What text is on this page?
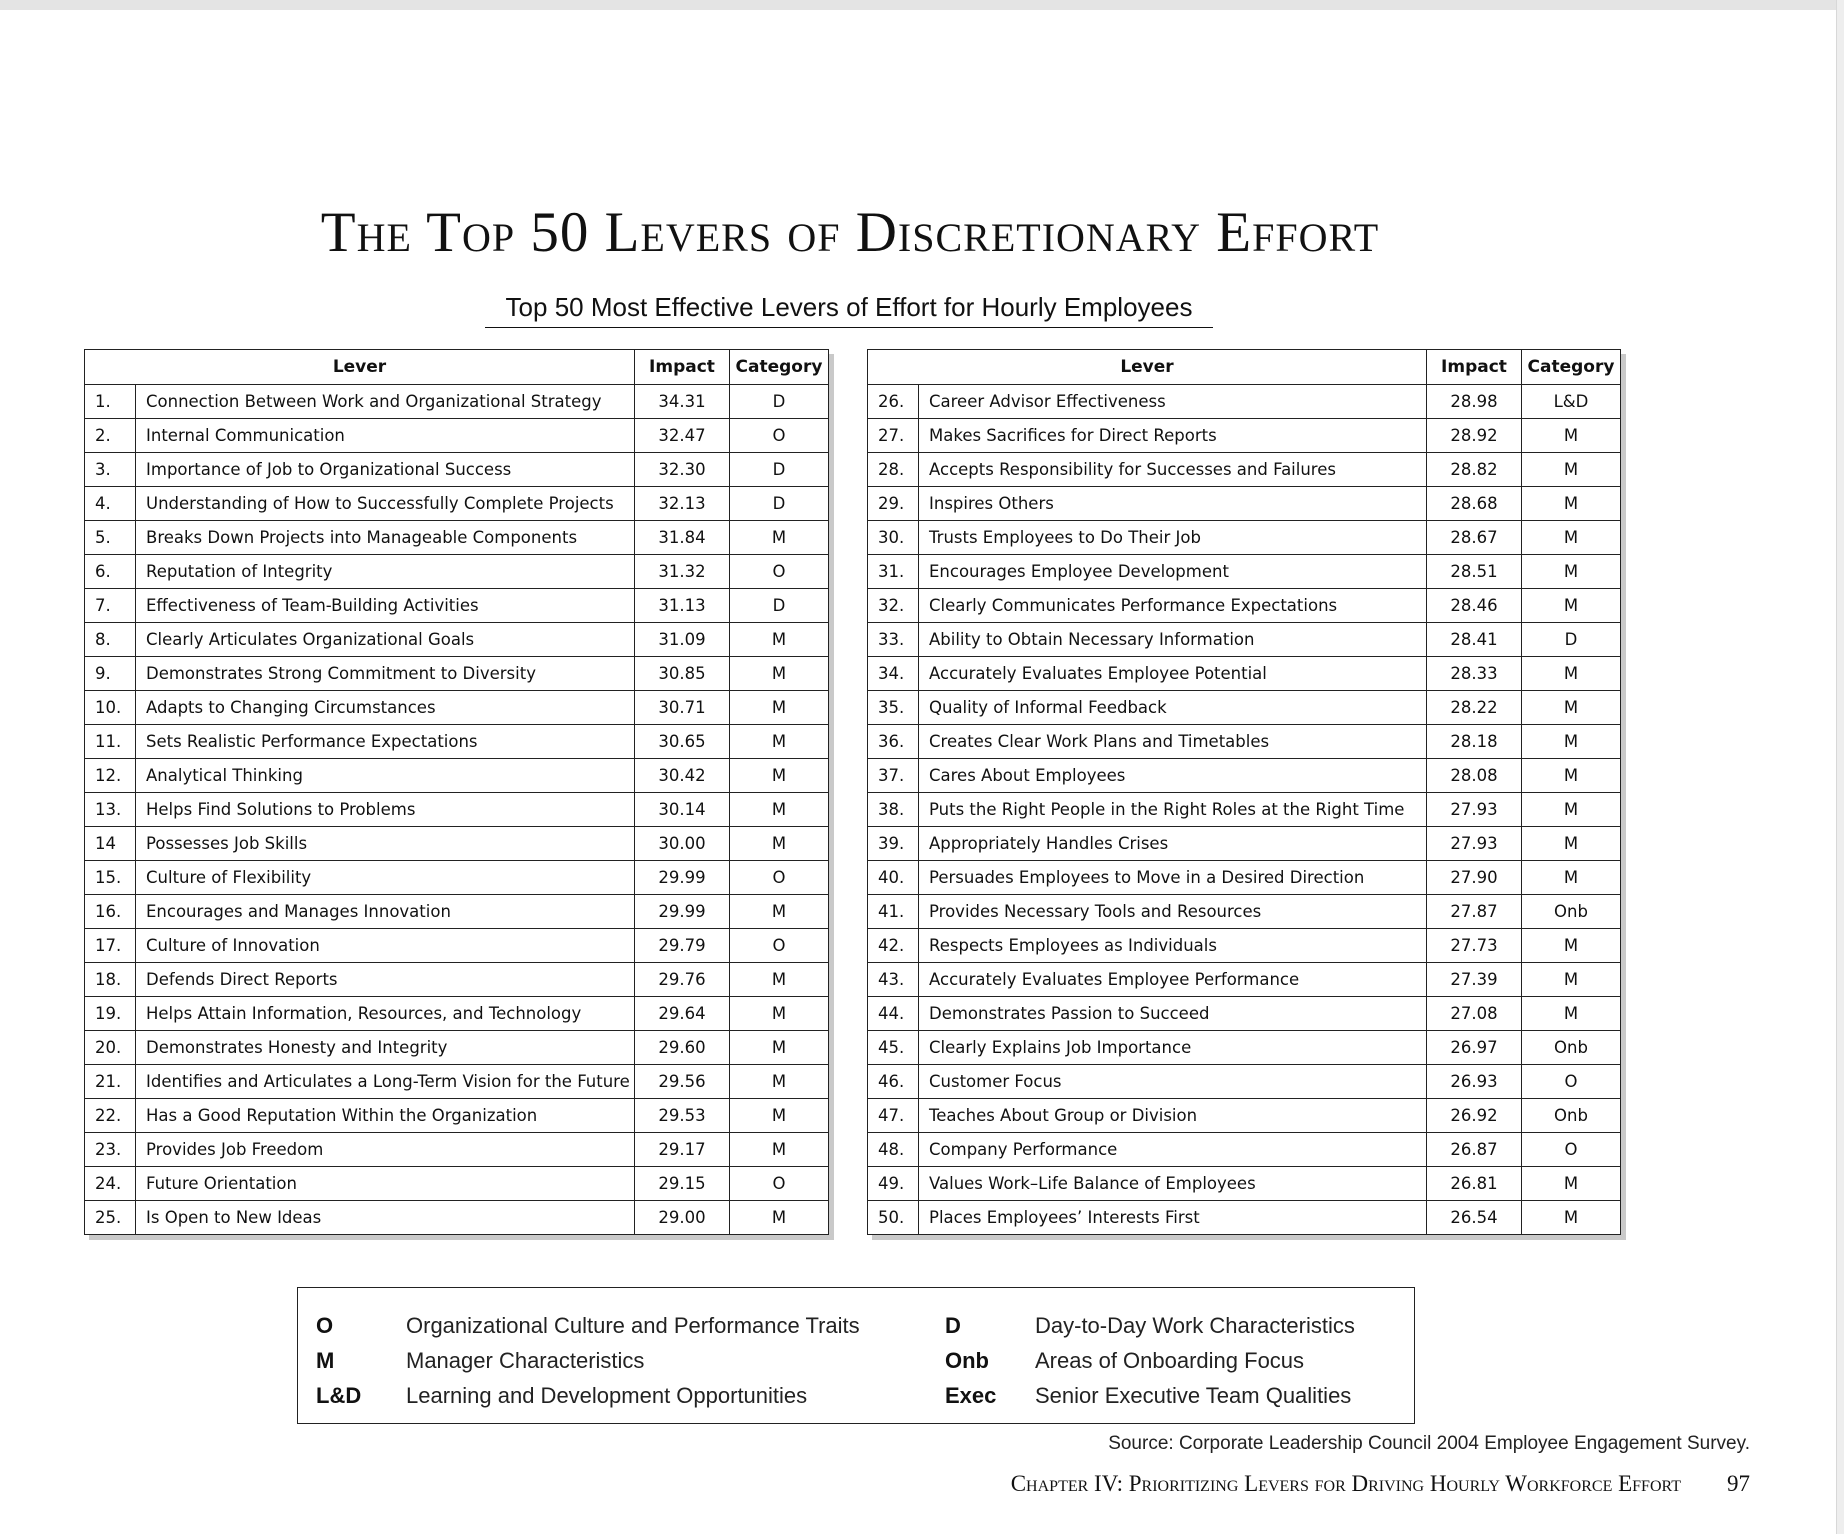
The Top 50 Levers of Discretionary Effort
Top 50 Most Effective Levers of Effort for Hourly Employees
Lever		Impact	Category
1.	Connection Between Work and Organizational Strategy	34.31	D
2.	Internal Communication	32.47	O
3.	Importance of Job to Organizational Success	32.30	D
4.	Understanding of How to Successfully Complete Projects	32.13	D
5.	Breaks Down Projects into Manageable Components	31.84	M
6.	Reputation of Integrity	31.32	O
7.	Effectiveness of Team-Building Activities	31.13	D
8.	Clearly Articulates Organizational Goals	31.09	M
9.	Demonstrates Strong Commitment to Diversity	30.85	M
10.	Adapts to Changing Circumstances	30.71	M
11.	Sets Realistic Performance Expectations	30.65	M
12.	Analytical Thinking	30.42	M
13.	Helps Find Solutions to Problems	30.14	M
14	Possesses Job Skills	30.00	M
15.	Culture of Flexibility	29.99	O
16.	Encourages and Manages Innovation	29.99	M
17.	Culture of Innovation	29.79	O
18.	Defends Direct Reports	29.76	M
19.	Helps Attain Information, Resources, and Technology	29.64	M
20.	Demonstrates Honesty and Integrity	29.60	M
21.	Identifies and Articulates a Long-Term Vision for the Future	29.56	M
22.	Has a Good Reputation Within the Organization	29.53	M
23.	Provides Job Freedom	29.17	M
24.	Future Orientation	29.15	O
25.	Is Open to New Ideas	29.00	M
Lever		Impact	Category
26.	Career Advisor Effectiveness	28.98	L&D
27.	Makes Sacrifices for Direct Reports	28.92	M
28.	Accepts Responsibility for Successes and Failures	28.82	M
29.	Inspires Others	28.68	M
30.	Trusts Employees to Do Their Job	28.67	M
31.	Encourages Employee Development	28.51	M
32.	Clearly Communicates Performance Expectations	28.46	M
33.	Ability to Obtain Necessary Information	28.41	D
34.	Accurately Evaluates Employee Potential	28.33	M
35.	Quality of Informal Feedback	28.22	M
36.	Creates Clear Work Plans and Timetables	28.18	M
37.	Cares About Employees	28.08	M
38.	Puts the Right People in the Right Roles at the Right Time	27.93	M
39.	Appropriately Handles Crises	27.93	M
40.	Persuades Employees to Move in a Desired Direction	27.90	M
41.	Provides Necessary Tools and Resources	27.87	Onb
42.	Respects Employees as Individuals	27.73	M
43.	Accurately Evaluates Employee Performance	27.39	M
44.	Demonstrates Passion to Succeed	27.08	M
45.	Clearly Explains Job Importance	26.97	Onb
46.	Customer Focus	26.93	O
47.	Teaches About Group or Division	26.92	Onb
48.	Company Performance	26.87	O
49.	Values Work–Life Balance of Employees	26.81	M
50.	Places Employees’ Interests First	26.54	M
O	Organizational Culture and Performance Traits
M	Manager Characteristics
L&D Learning and Development Opportunities
D	Day-to-Day Work Characteristics
Onb Areas of Onboarding Focus
Exec Senior Executive Team Qualities
Source: Corporate Leadership Council 2004 Employee Engagement Survey.
Chapter IV: Prioritizing Levers for Driving Hourly Workforce Effort	97
